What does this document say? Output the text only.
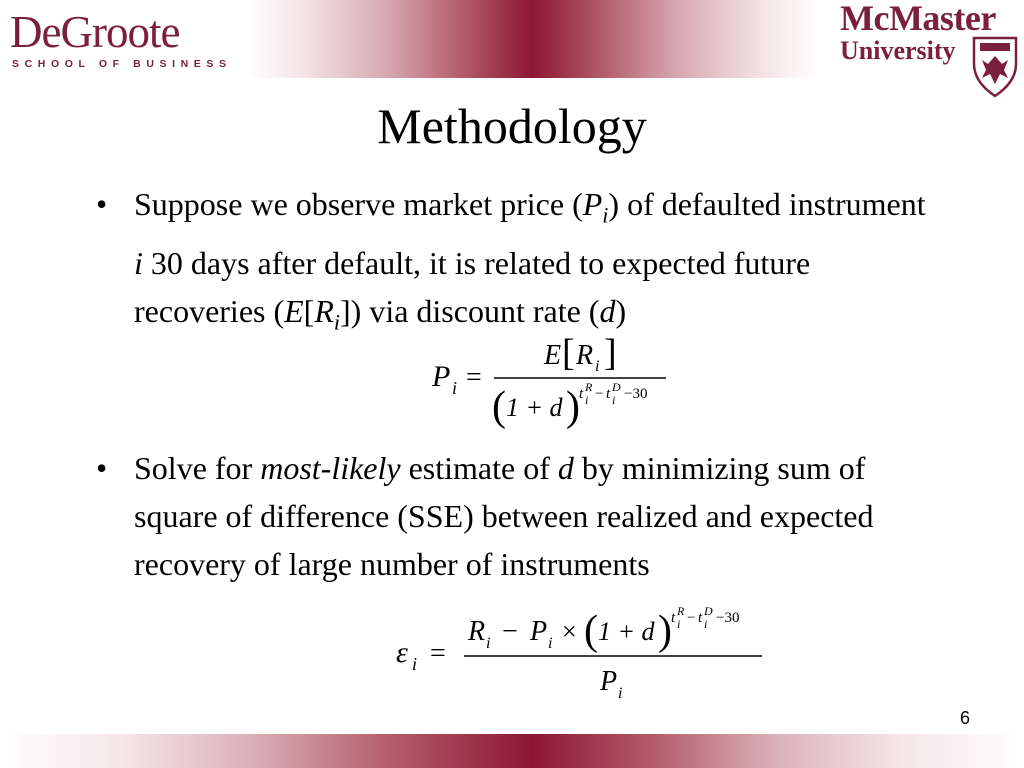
DeGroote
SCHOOL OF BUSINESS
McMaster
University
Methodology
• Suppose we observe market price $(P_i)$ of defaulted instrument i 30 days after default, it is related to expected future recoveries $(E[R_i])$ via discount rate (d)
P i =
E [ R i ]
( 1 + d ) t R
i − t D
i −30
• Solve for most-likely estimate of d by minimizing sum of square of difference (SSE) between realized and expected recovery of large number of instruments
ε i =
R i − P i × ( 1 + d ) t R
i − t D
i −30
P i
6
